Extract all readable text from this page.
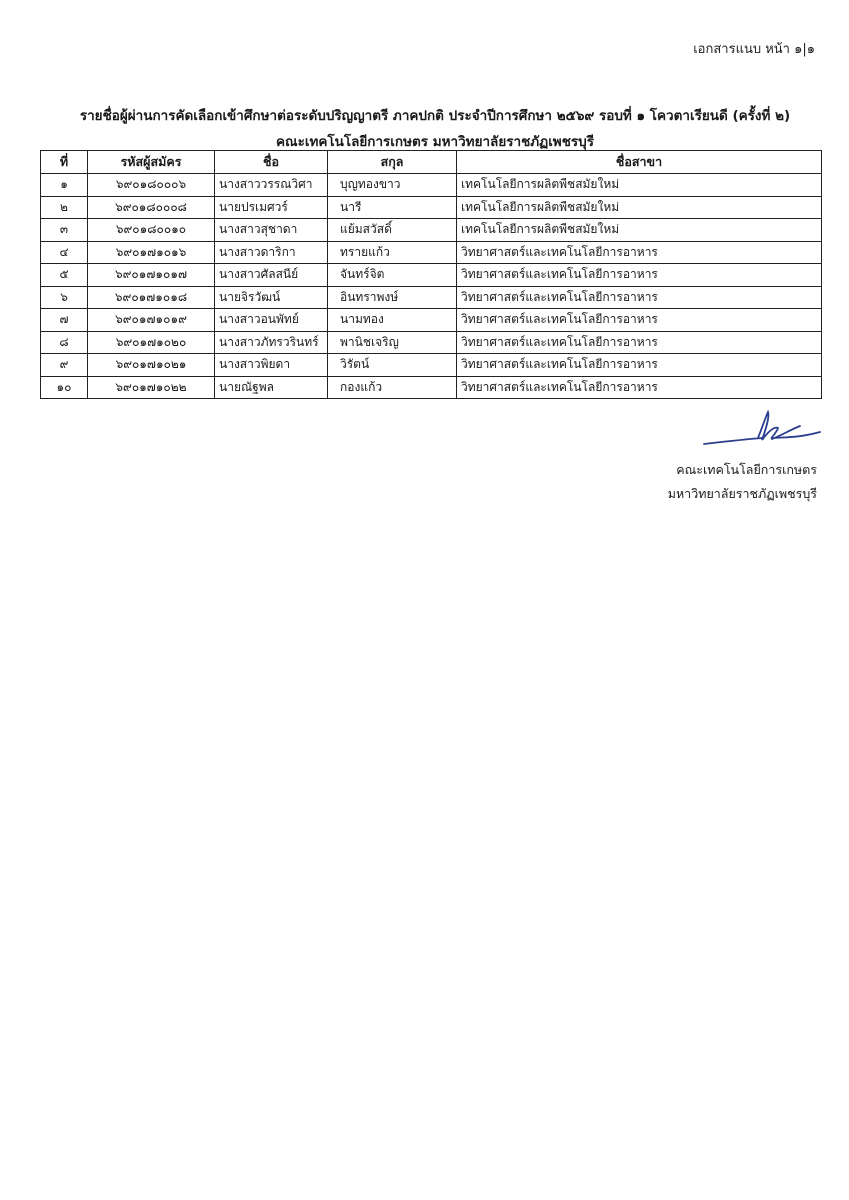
เอกสารแนบ หน้า ๑|๑
รายชื่อผู้ผ่านการคัดเลือกเข้าศึกษาต่อระดับปริญญาตรี ภาคปกติ ประจำปีการศึกษา ๒๕๖๙ รอบที่ ๑ โควตาเรียนดี (ครั้งที่ ๒)
คณะเทคโนโลยีการเกษตร มหาวิทยาลัยราชภัฏเพชรบุรี
ที่	รหัสผู้สมัคร	ชื่อ	สกุล	ชื่อสาขา
๑	๖๙๐๑๘๐๐๐๖	นางสาววรรณวิศา	บุญทองขาว	เทคโนโลยีการผลิตพืชสมัยใหม่
๒	๖๙๐๑๘๐๐๐๘	นายปรเมศวร์	นารี	เทคโนโลยีการผลิตพืชสมัยใหม่
๓	๖๙๐๑๘๐๐๑๐	นางสาวสุชาดา	แย้มสวัสดิ์	เทคโนโลยีการผลิตพืชสมัยใหม่
๔	๖๙๐๑๗๑๐๑๖	นางสาวดาริกา	ทรายแก้ว	วิทยาศาสตร์และเทคโนโลยีการอาหาร
๕	๖๙๐๑๗๑๐๑๗	นางสาวศัลสนีย์	จันทร์จิต	วิทยาศาสตร์และเทคโนโลยีการอาหาร
๖	๖๙๐๑๗๑๐๑๘	นายจิรวัฒน์	อินทราพงษ์	วิทยาศาสตร์และเทคโนโลยีการอาหาร
๗	๖๙๐๑๗๑๐๑๙	นางสาวอนพัทย์	นามทอง	วิทยาศาสตร์และเทคโนโลยีการอาหาร
๘	๖๙๐๑๗๑๐๒๐	นางสาวภัทรวรินทร์	พานิชเจริญ	วิทยาศาสตร์และเทคโนโลยีการอาหาร
๙	๖๙๐๑๗๑๐๒๑	นางสาวพิยดา	วิรัตน์	วิทยาศาสตร์และเทคโนโลยีการอาหาร
๑๐	๖๙๐๑๗๑๐๒๒	นายณัฐพล	กองแก้ว	วิทยาศาสตร์และเทคโนโลยีการอาหาร
คณะเทคโนโลยีการเกษตร
มหาวิทยาลัยราชภัฏเพชรบุรี
